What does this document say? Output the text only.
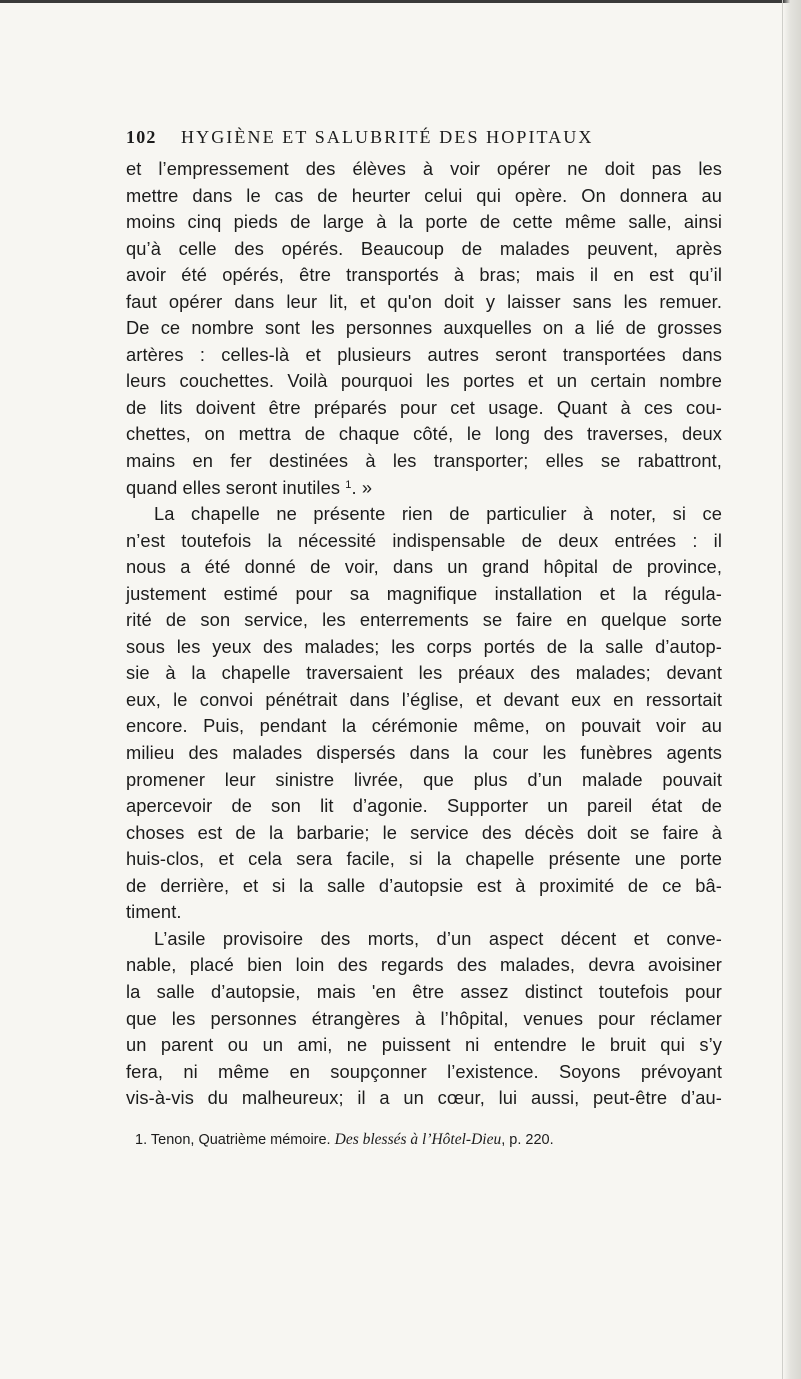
102 HYGIÈNE ET SALUBRITÉ DES HOPITAUX
et l’empressement des élèves à voir opérer ne doit pas les
mettre dans le cas de heurter celui qui opère. On donnera au
moins cinq pieds de large à la porte de cette même salle, ainsi
qu’à celle des opérés. Beaucoup de malades peuvent, après
avoir été opérés, être transportés à bras; mais il en est qu’il
faut opérer dans leur lit, et qu'on doit y laisser sans les remuer.
De ce nombre sont les personnes auxquelles on a lié de grosses
artères : celles-là et plusieurs autres seront transportées dans
leurs couchettes. Voilà pourquoi les portes et un certain nombre
de lits doivent être préparés pour cet usage. Quant à ces cou-
chettes, on mettra de chaque côté, le long des traverses, deux
mains en fer destinées à les transporter; elles se rabattront,
quand elles seront inutiles $^1$. »
La chapelle ne présente rien de particulier à noter, si ce
n’est toutefois la nécessité indispensable de deux entrées : il
nous a été donné de voir, dans un grand hôpital de province,
justement estimé pour sa magnifique installation et la régula-
rité de son service, les enterrements se faire en quelque sorte
sous les yeux des malades; les corps portés de la salle d’autop-
sie à la chapelle traversaient les préaux des malades; devant
eux, le convoi pénétrait dans l’église, et devant eux en ressortait
encore. Puis, pendant la cérémonie même, on pouvait voir au
milieu des malades dispersés dans la cour les funèbres agents
promener leur sinistre livrée, que plus d’un malade pouvait
apercevoir de son lit d’agonie. Supporter un pareil état de
choses est de la barbarie; le service des décès doit se faire à
huis-clos, et cela sera facile, si la chapelle présente une porte
de derrière, et si la salle d’autopsie est à proximité de ce bâ-
timent.
L’asile provisoire des morts, d’un aspect décent et conve-
nable, placé bien loin des regards des malades, devra avoisiner
la salle d’autopsie, mais 'en être assez distinct toutefois pour
que les personnes étrangères à l’hôpital, venues pour réclamer
un parent ou un ami, ne puissent ni entendre le bruit qui s’y
fera, ni même en soupçonner l’existence. Soyons prévoyant
vis-à-vis du malheureux; il a un cœur, lui aussi, peut-être d’au-
1. Tenon, Quatrième mémoire. Des blessés à l’Hôtel-Dieu, p. 220.
